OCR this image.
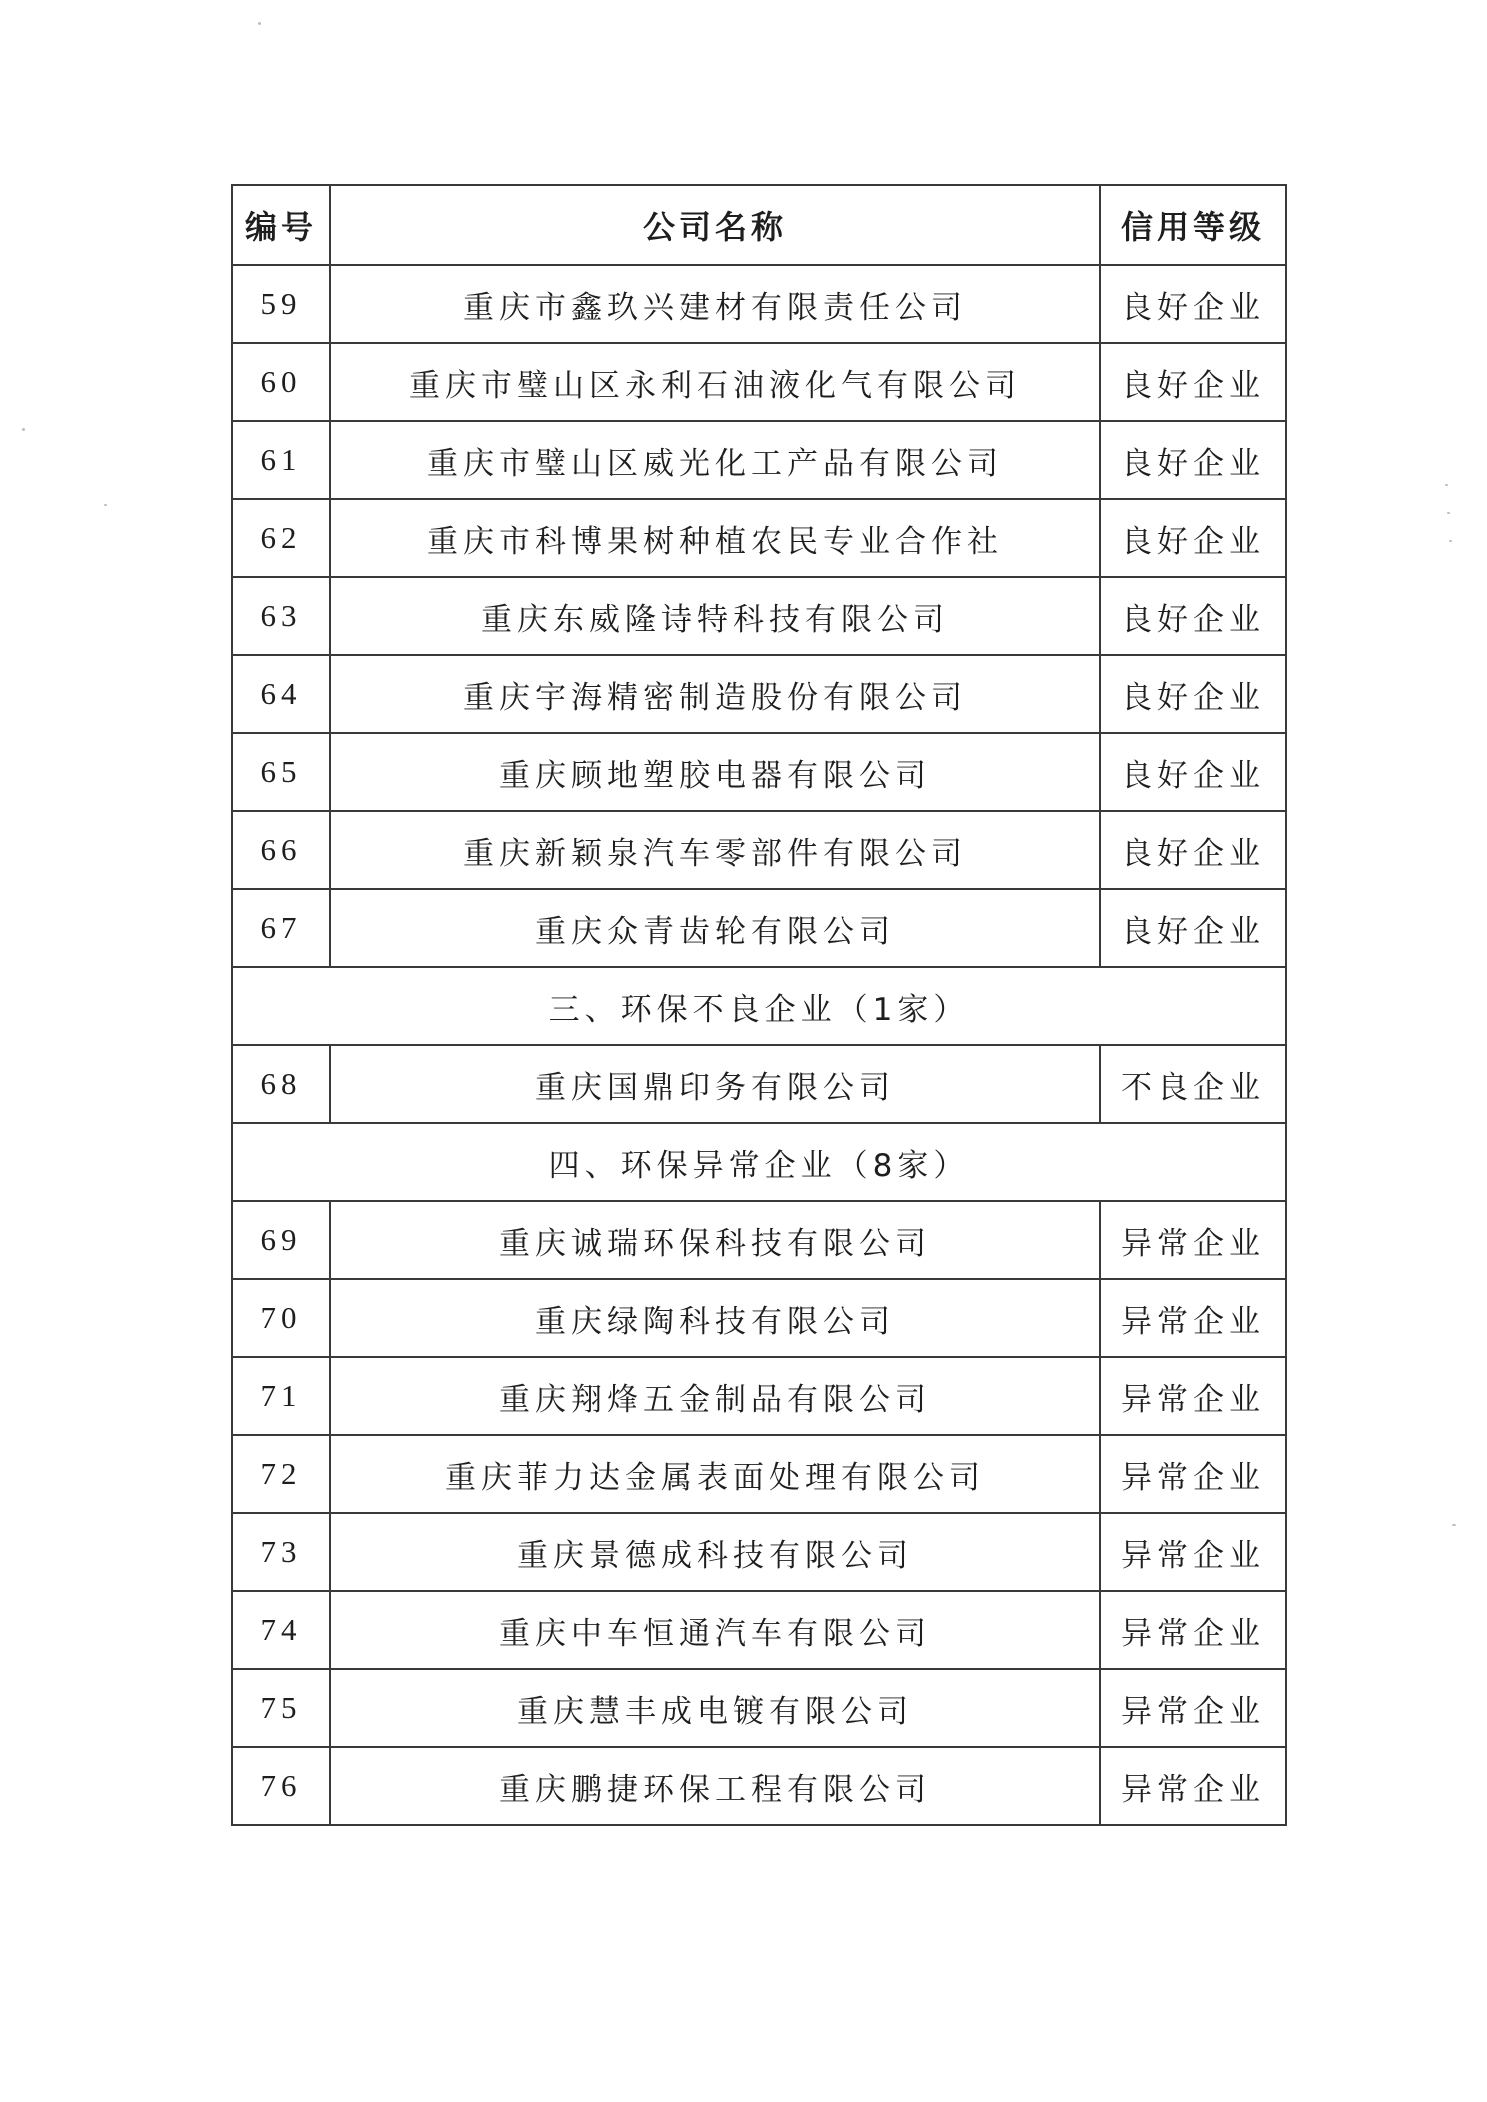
编号	公司名称	信用等级
59	重庆市鑫玖兴建材有限责任公司	良好企业
60	重庆市璧山区永利石油液化气有限公司	良好企业
61	重庆市璧山区威光化工产品有限公司	良好企业
62	重庆市科博果树种植农民专业合作社	良好企业
63	重庆东威隆诗特科技有限公司	良好企业
64	重庆宇海精密制造股份有限公司	良好企业
65	重庆顾地塑胶电器有限公司	良好企业
66	重庆新颖泉汽车零部件有限公司	良好企业
67	重庆众青齿轮有限公司	良好企业
三、环保不良企业（1家）		
68	重庆国鼎印务有限公司	不良企业
四、环保异常企业（8家）		
69	重庆诚瑞环保科技有限公司	异常企业
70	重庆绿陶科技有限公司	异常企业
71	重庆翔烽五金制品有限公司	异常企业
72	重庆菲力达金属表面处理有限公司	异常企业
73	重庆景德成科技有限公司	异常企业
74	重庆中车恒通汽车有限公司	异常企业
75	重庆慧丰成电镀有限公司	异常企业
76	重庆鹏捷环保工程有限公司	异常企业
